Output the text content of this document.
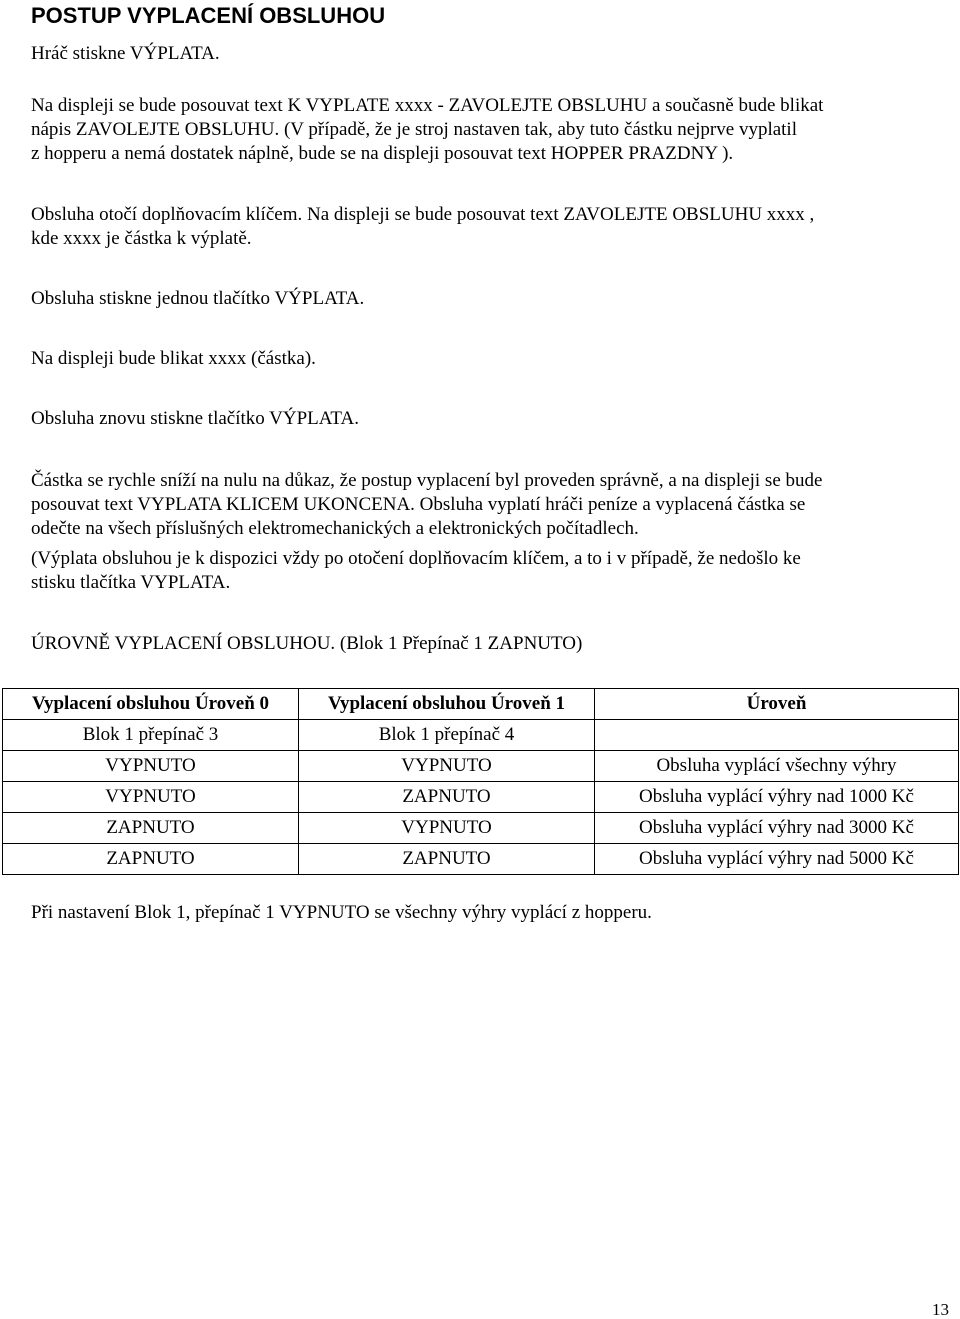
POSTUP VYPLACENÍ OBSLUHOU

Hráč stiskne VÝPLATA.

Na displeji se bude posouvat text K VYPLATE xxxx - ZAVOLEJTE OBSLUHU a současně bude blikat
nápis ZAVOLEJTE OBSLUHU. (V případě, že je stroj nastaven tak, aby tuto částku nejprve vyplatil
z hopperu a nemá dostatek náplně, bude se na displeji posouvat text HOPPER PRAZDNY ).
Obsluha otočí doplňovacím klíčem. Na displeji se bude posouvat text ZAVOLEJTE OBSLUHU xxxx ,
kde xxxx je částka k výplatě.

Obsluha stiskne jednou tlačítko VÝPLATA.

Na displeji bude blikat xxxx (částka).

Obsluha znovu stiskne tlačítko VÝPLATA.

Částka se rychle sníží na nulu na důkaz, že postup vyplacení byl proveden správně, a na displeji se bude
posouvat text VYPLATA KLICEM UKONCENA. Obsluha vyplatí hráči peníze a vyplacená částka se
odečte na všech příslušných elektromechanických a elektronických počítadlech.
(Výplata obsluhou je k dispozici vždy po otočení doplňovacím klíčem, a to i v případě, že nedošlo ke
stisku tlačítka VYPLATA.

ÚROVNĚ VYPLACENÍ OBSLUHOU. (Blok 1 Přepínač 1 ZAPNUTO)

Při nastavení Blok 1, přepínač 1 VYPNUTO se všechny výhry vyplácí z hopperu.

Vyplacení obsluhou Úroveň 0	Vyplacení obsluhou Úroveň 1	Úroveň
Blok 1 přepínač 3	Blok 1 přepínač 4	
VYPNUTO	VYPNUTO	Obsluha vyplácí všechny výhry
VYPNUTO	ZAPNUTO	Obsluha vyplácí výhry nad 1000 Kč
ZAPNUTO	VYPNUTO	Obsluha vyplácí výhry nad 3000 Kč
ZAPNUTO	ZAPNUTO	Obsluha vyplácí výhry nad 5000 Kč
13
